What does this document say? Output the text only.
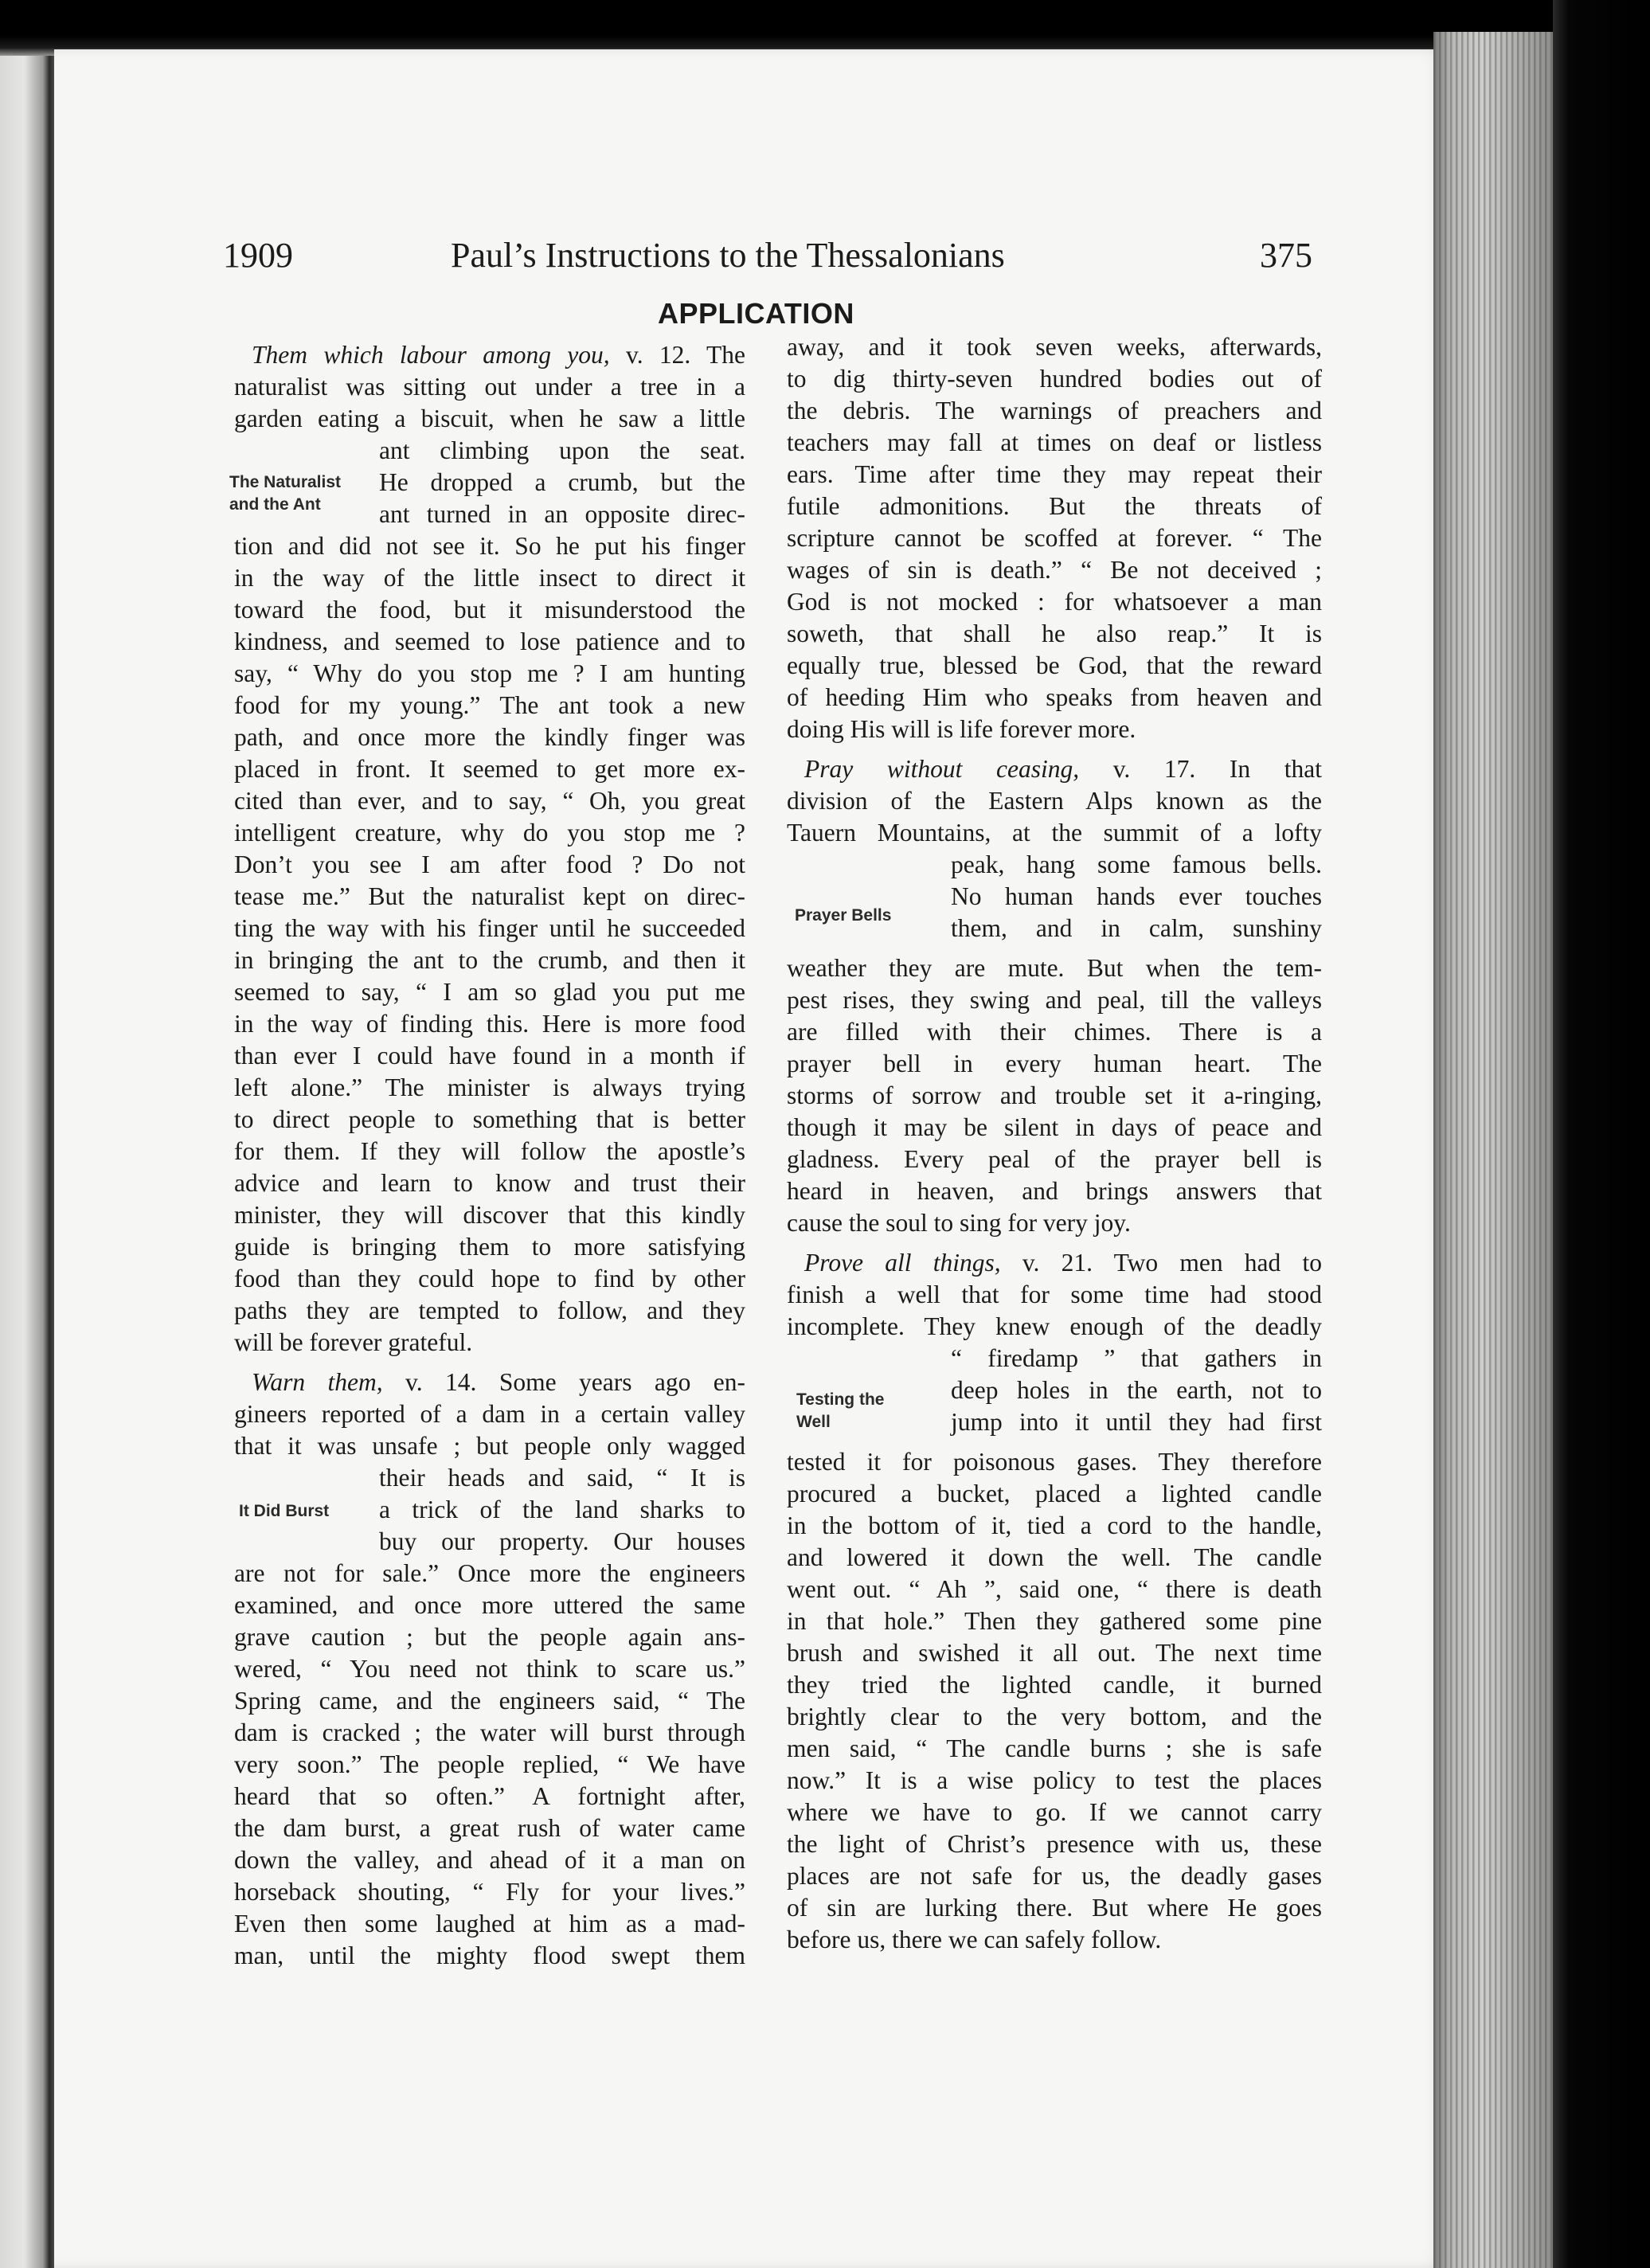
1909	Paul’s Instructions to the Thessalonians	375
APPLICATION
Them which labour among you, v. 12. The
naturalist was sitting out under a tree in a
garden eating a biscuit, when he saw a little
ant climbing upon the seat.
He dropped a crumb, but the
ant turned in an opposite direc-
tion and did not see it. So he put his finger
in the way of the little insect to direct it
toward the food, but it misunderstood the
kindness, and seemed to lose patience and to
say, “ Why do you stop me ? I am hunting
food for my young.” The ant took a new
path, and once more the kindly finger was
placed in front. It seemed to get more ex-
cited than ever, and to say, “ Oh, you great
intelligent creature, why do you stop me ?
Don’t you see I am after food ? Do not
tease me.” But the naturalist kept on direc-
ting the way with his finger until he succeeded
in bringing the ant to the crumb, and then it
seemed to say, “ I am so glad you put me
in the way of finding this. Here is more food
than ever I could have found in a month if
left alone.” The minister is always trying
to direct people to something that is better
for them. If they will follow the apostle’s
advice and learn to know and trust their
minister, they will discover that this kindly
guide is bringing them to more satisfying
food than they could hope to find by other
paths they are tempted to follow, and they
will be forever grateful.
Warn them, v. 14. Some years ago en-
gineers reported of a dam in a certain valley
that it was unsafe ; but people only wagged
their heads and said, “ It is
a trick of the land sharks to
buy our property. Our houses
are not for sale.” Once more the engineers
examined, and once more uttered the same
grave caution ; but the people again ans-
wered, “ You need not think to scare us.”
Spring came, and the engineers said, “ The
dam is cracked ; the water will burst through
very soon.” The people replied, “ We have
heard that so often.” A fortnight after,
the dam burst, a great rush of water came
down the valley, and ahead of it a man on
horseback shouting, “ Fly for your lives.”
Even then some laughed at him as a mad-
man, until the mighty flood swept them
The Naturalist
and the Ant
It Did Burst
away, and it took seven weeks, afterwards,
to dig thirty-seven hundred bodies out of
the debris. The warnings of preachers and
teachers may fall at times on deaf or listless
ears. Time after time they may repeat their
futile admonitions. But the threats of
scripture cannot be scoffed at forever. “ The
wages of sin is death.” “ Be not deceived ;
God is not mocked : for whatsoever a man
soweth, that shall he also reap.” It is
equally true, blessed be God, that the reward
of heeding Him who speaks from heaven and
doing His will is life forever more.
Pray without ceasing, v. 17. In that
division of the Eastern Alps known as the
Tauern Mountains, at the summit of a lofty
peak, hang some famous bells.
No human hands ever touches
them, and in calm, sunshiny
weather they are mute. But when the tem-
pest rises, they swing and peal, till the valleys
are filled with their chimes. There is a
prayer bell in every human heart. The
storms of sorrow and trouble set it a-ringing,
though it may be silent in days of peace and
gladness. Every peal of the prayer bell is
heard in heaven, and brings answers that
cause the soul to sing for very joy.
Prove all things, v. 21. Two men had to
finish a well that for some time had stood
incomplete. They knew enough of the deadly
“ firedamp ” that gathers in
deep holes in the earth, not to
jump into it until they had first
tested it for poisonous gases. They therefore
procured a bucket, placed a lighted candle
in the bottom of it, tied a cord to the handle,
and lowered it down the well. The candle
went out. “ Ah ”, said one, “ there is death
in that hole.” Then they gathered some pine
brush and swished it all out. The next time
they tried the lighted candle, it burned
brightly clear to the very bottom, and the
men said, “ The candle burns ; she is safe
now.” It is a wise policy to test the places
where we have to go. If we cannot carry
the light of Christ’s presence with us, these
places are not safe for us, the deadly gases
of sin are lurking there. But where He goes
before us, there we can safely follow.
Prayer Bells
Testing the
Well
